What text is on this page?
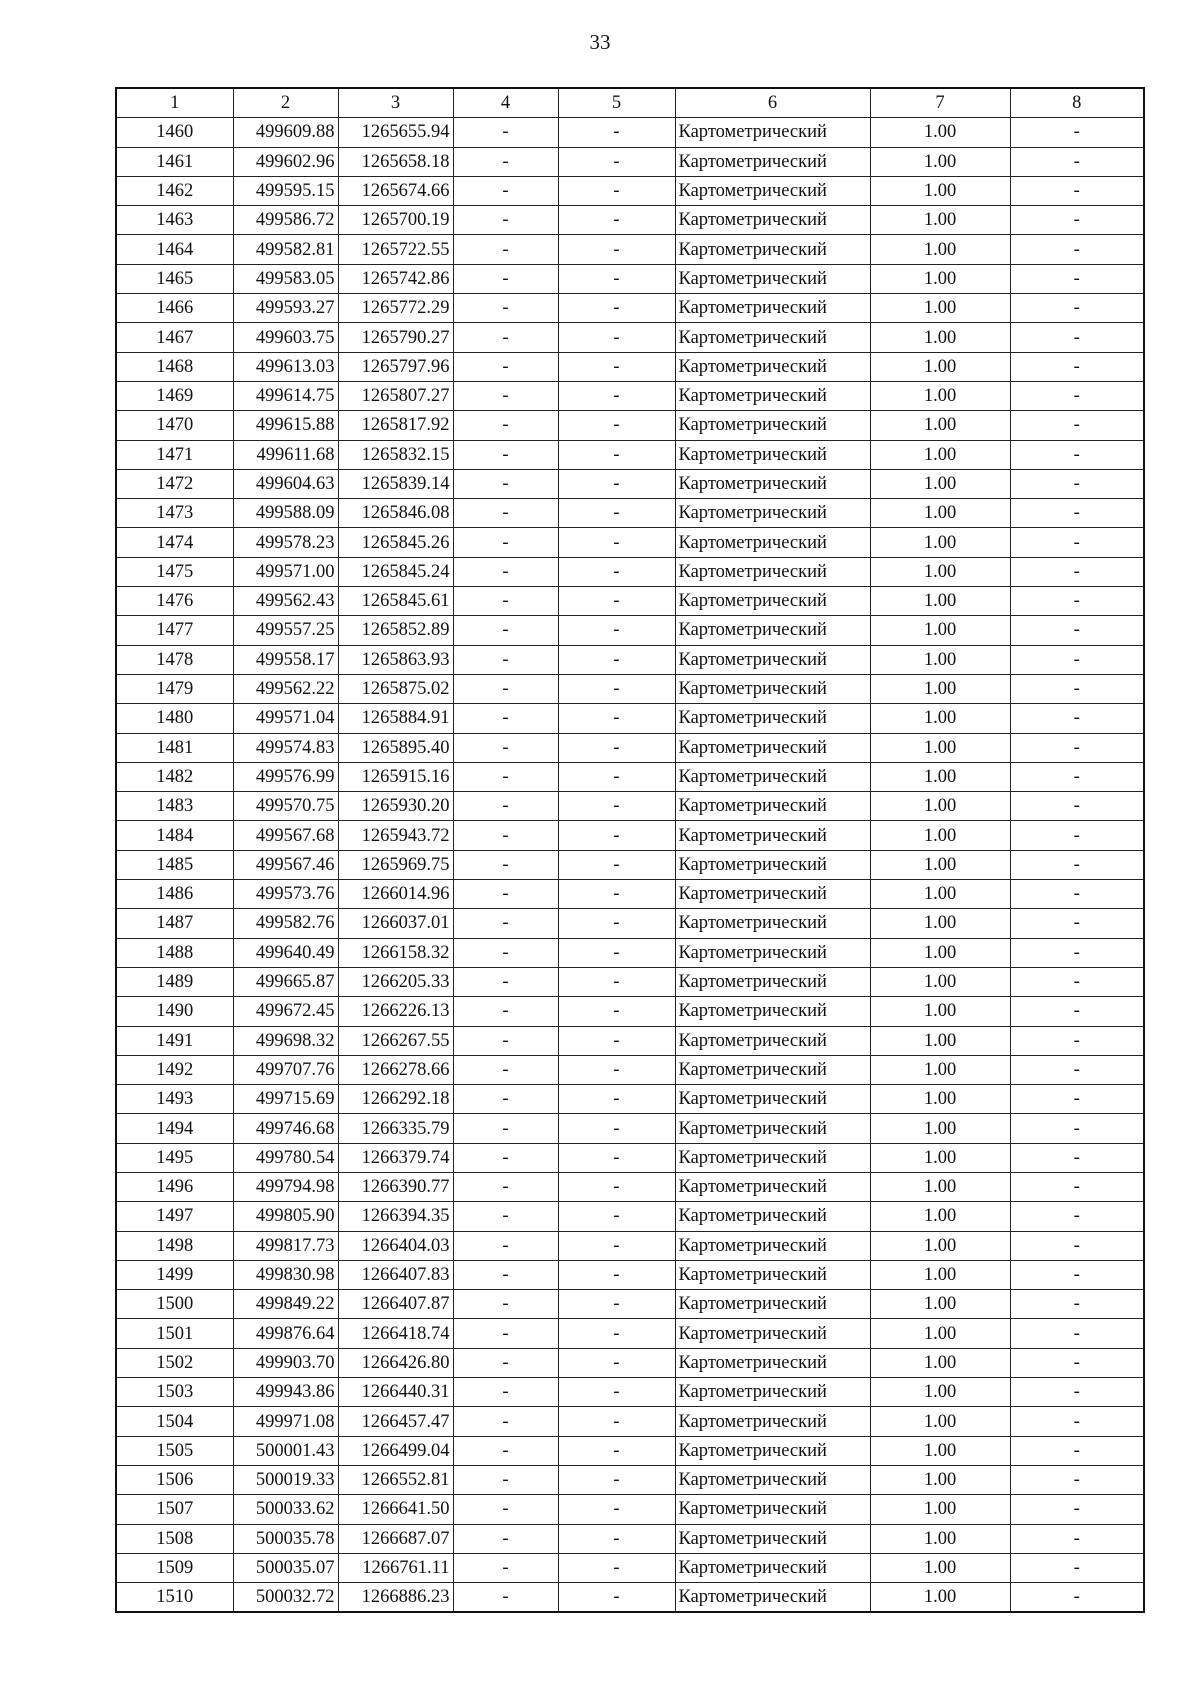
33
1	2	3	4	5	6	7	8
1460	499609.88	1265655.94	-	-	Картометрический	1.00	-
1461	499602.96	1265658.18	-	-	Картометрический	1.00	-
1462	499595.15	1265674.66	-	-	Картометрический	1.00	-
1463	499586.72	1265700.19	-	-	Картометрический	1.00	-
1464	499582.81	1265722.55	-	-	Картометрический	1.00	-
1465	499583.05	1265742.86	-	-	Картометрический	1.00	-
1466	499593.27	1265772.29	-	-	Картометрический	1.00	-
1467	499603.75	1265790.27	-	-	Картометрический	1.00	-
1468	499613.03	1265797.96	-	-	Картометрический	1.00	-
1469	499614.75	1265807.27	-	-	Картометрический	1.00	-
1470	499615.88	1265817.92	-	-	Картометрический	1.00	-
1471	499611.68	1265832.15	-	-	Картометрический	1.00	-
1472	499604.63	1265839.14	-	-	Картометрический	1.00	-
1473	499588.09	1265846.08	-	-	Картометрический	1.00	-
1474	499578.23	1265845.26	-	-	Картометрический	1.00	-
1475	499571.00	1265845.24	-	-	Картометрический	1.00	-
1476	499562.43	1265845.61	-	-	Картометрический	1.00	-
1477	499557.25	1265852.89	-	-	Картометрический	1.00	-
1478	499558.17	1265863.93	-	-	Картометрический	1.00	-
1479	499562.22	1265875.02	-	-	Картометрический	1.00	-
1480	499571.04	1265884.91	-	-	Картометрический	1.00	-
1481	499574.83	1265895.40	-	-	Картометрический	1.00	-
1482	499576.99	1265915.16	-	-	Картометрический	1.00	-
1483	499570.75	1265930.20	-	-	Картометрический	1.00	-
1484	499567.68	1265943.72	-	-	Картометрический	1.00	-
1485	499567.46	1265969.75	-	-	Картометрический	1.00	-
1486	499573.76	1266014.96	-	-	Картометрический	1.00	-
1487	499582.76	1266037.01	-	-	Картометрический	1.00	-
1488	499640.49	1266158.32	-	-	Картометрический	1.00	-
1489	499665.87	1266205.33	-	-	Картометрический	1.00	-
1490	499672.45	1266226.13	-	-	Картометрический	1.00	-
1491	499698.32	1266267.55	-	-	Картометрический	1.00	-
1492	499707.76	1266278.66	-	-	Картометрический	1.00	-
1493	499715.69	1266292.18	-	-	Картометрический	1.00	-
1494	499746.68	1266335.79	-	-	Картометрический	1.00	-
1495	499780.54	1266379.74	-	-	Картометрический	1.00	-
1496	499794.98	1266390.77	-	-	Картометрический	1.00	-
1497	499805.90	1266394.35	-	-	Картометрический	1.00	-
1498	499817.73	1266404.03	-	-	Картометрический	1.00	-
1499	499830.98	1266407.83	-	-	Картометрический	1.00	-
1500	499849.22	1266407.87	-	-	Картометрический	1.00	-
1501	499876.64	1266418.74	-	-	Картометрический	1.00	-
1502	499903.70	1266426.80	-	-	Картометрический	1.00	-
1503	499943.86	1266440.31	-	-	Картометрический	1.00	-
1504	499971.08	1266457.47	-	-	Картометрический	1.00	-
1505	500001.43	1266499.04	-	-	Картометрический	1.00	-
1506	500019.33	1266552.81	-	-	Картометрический	1.00	-
1507	500033.62	1266641.50	-	-	Картометрический	1.00	-
1508	500035.78	1266687.07	-	-	Картометрический	1.00	-
1509	500035.07	1266761.11	-	-	Картометрический	1.00	-
1510	500032.72	1266886.23	-	-	Картометрический	1.00	-
